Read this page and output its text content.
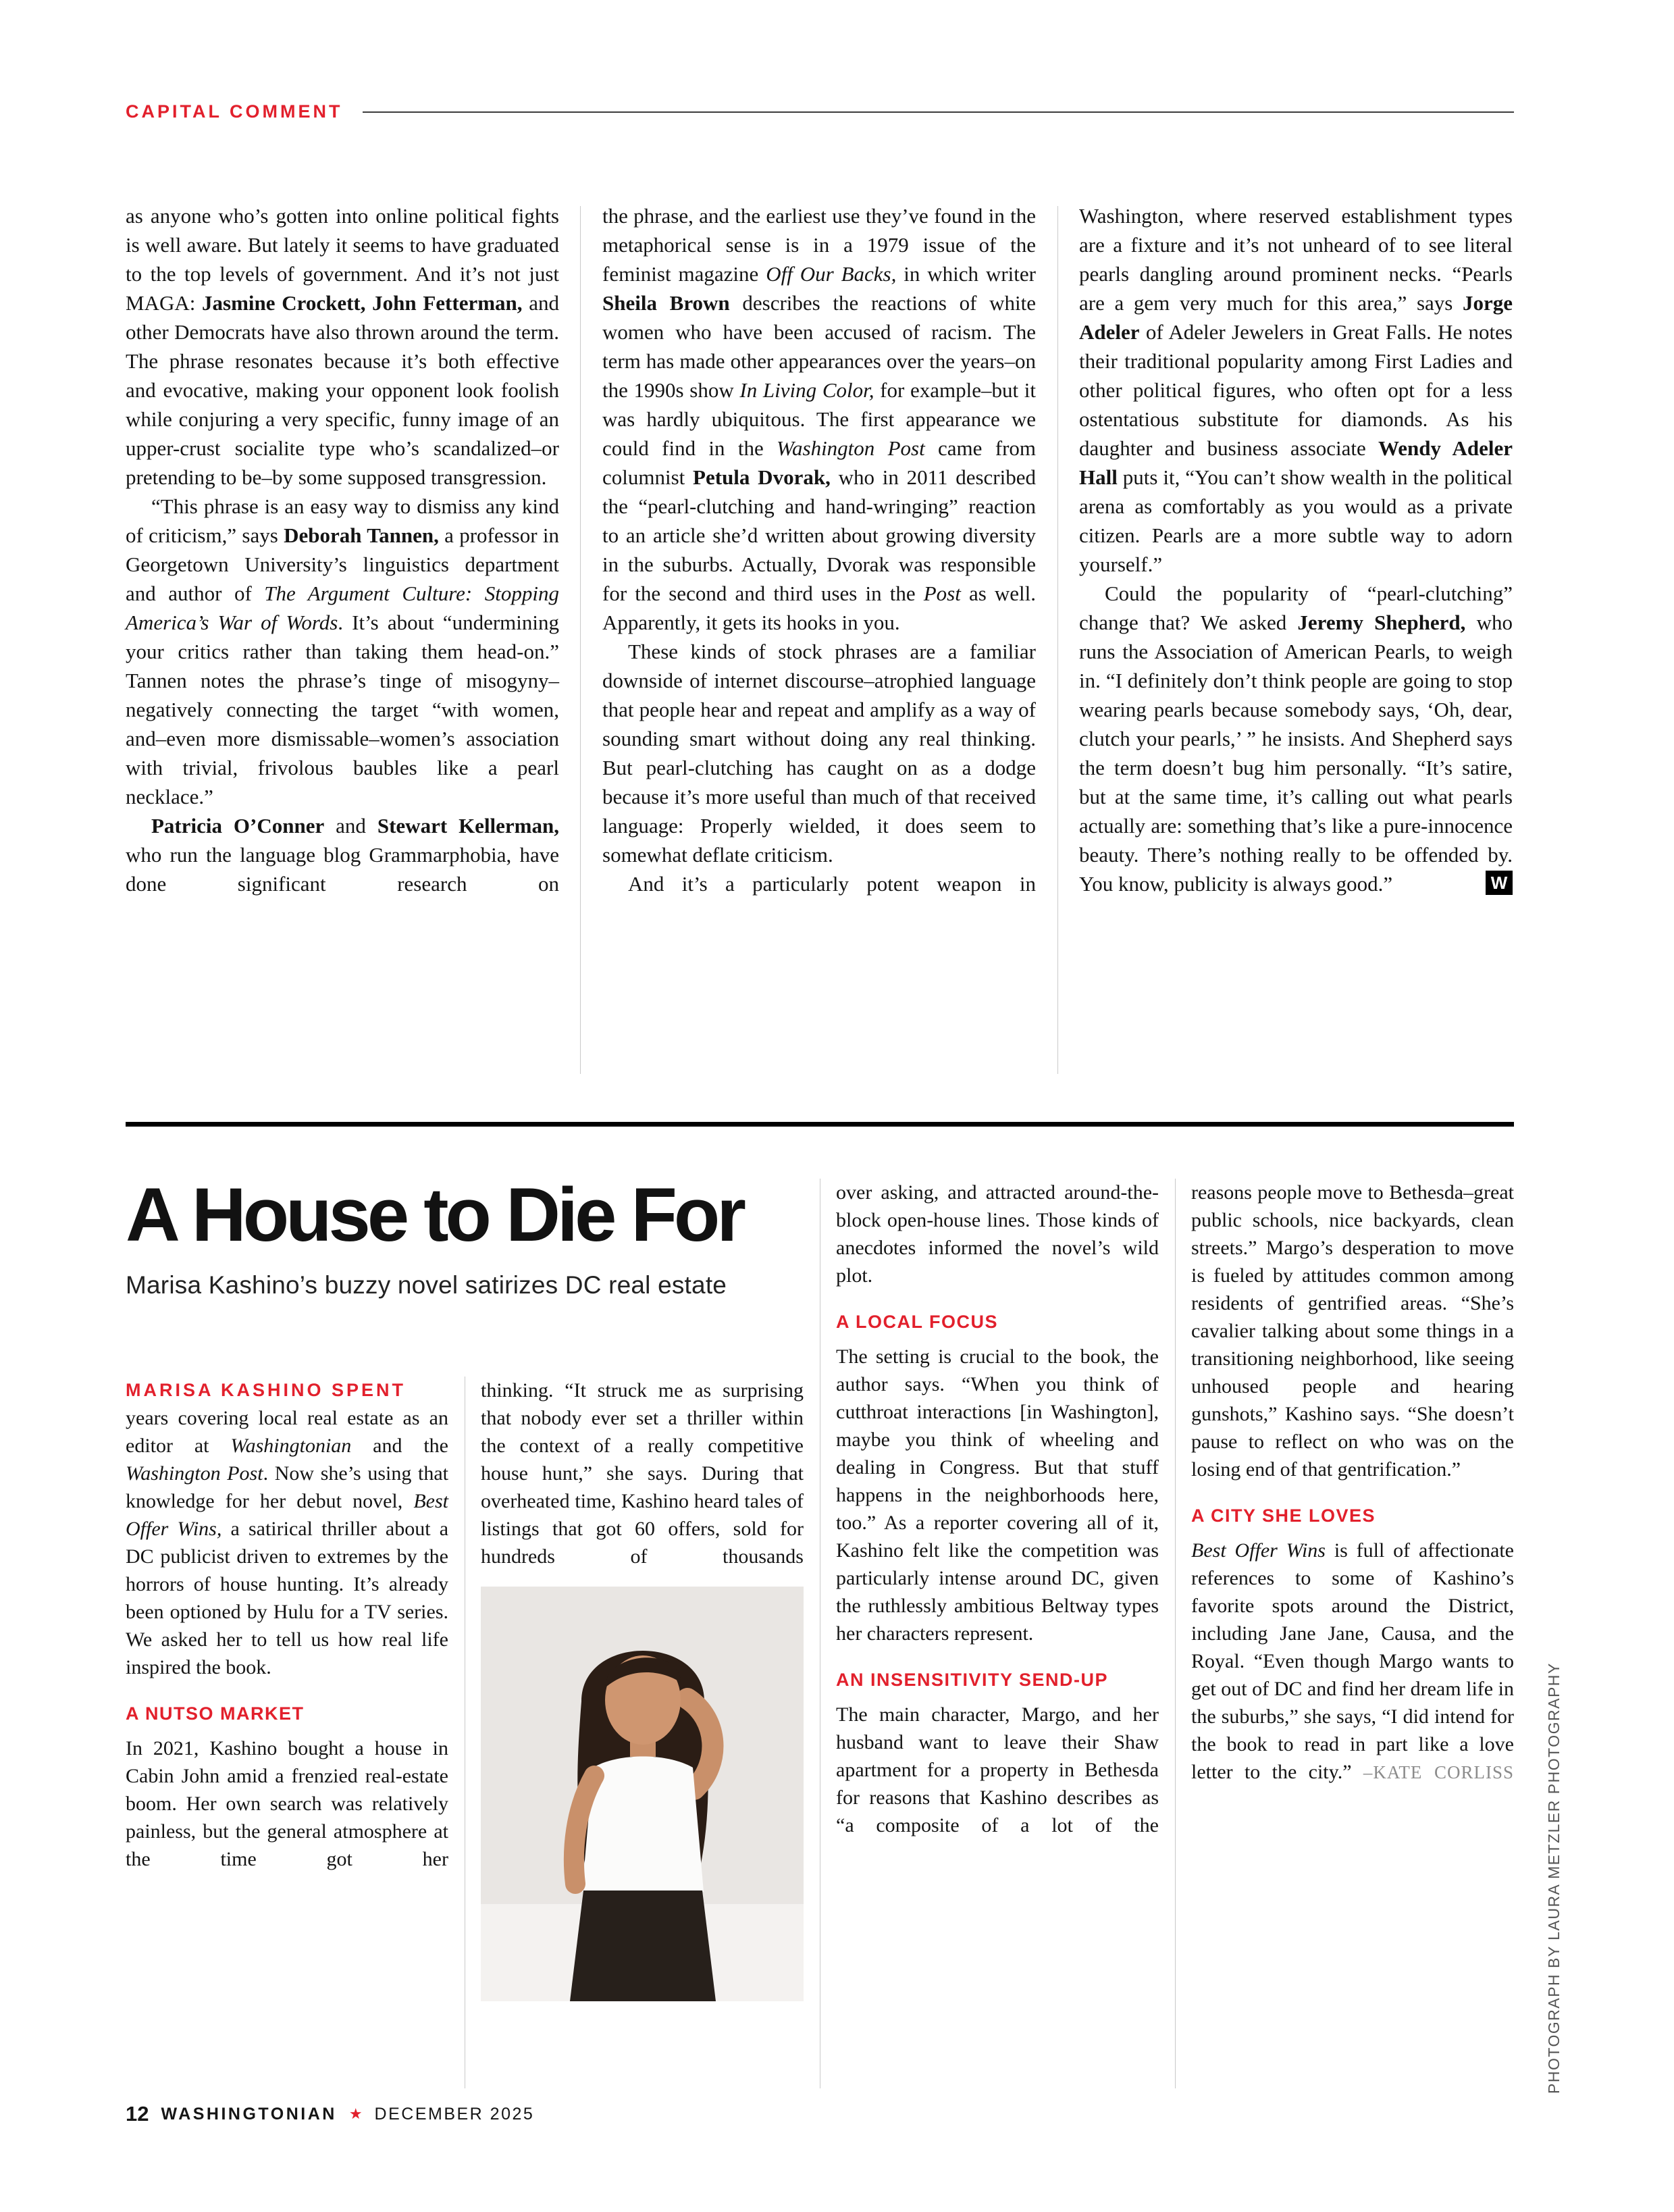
CAPITAL COMMENT

as anyone who’s gotten into online political fights is well aware. But lately it seems to have graduated to the top levels of government. And it’s not just MAGA: Jasmine Crockett, John Fetterman, and other Democrats have also thrown around the term. The phrase resonates because it’s both effective and evocative, making your opponent look foolish while conjuring a very specific, funny image of an upper-crust socialite type who’s scandalized–or pretending to be–by some supposed transgression.

“This phrase is an easy way to dismiss any kind of criticism,” says Deborah Tannen, a professor in Georgetown University’s linguistics department and author of The Argument Culture: Stopping America’s War of Words. It’s about “undermining your critics rather than taking them head-on.” Tannen notes the phrase’s tinge of misogyny–negatively connecting the target “with women, and–even more dismissable–women’s association with trivial, frivolous baubles like a pearl necklace.”

Patricia O’Conner and Stewart Kellerman, who run the language blog Grammarphobia, have done significant research on

the phrase, and the earliest use they’ve found in the metaphorical sense is in a 1979 issue of the feminist magazine Off Our Backs, in which writer Sheila Brown describes the reactions of white women who have been accused of racism. The term has made other appearances over the years–on the 1990s show In Living Color, for example–but it was hardly ubiquitous. The first appearance we could find in the Washington Post came from columnist Petula Dvorak, who in 2011 described the “pearl-clutching and hand-wringing” reaction to an article she’d written about growing diversity in the suburbs. Actually, Dvorak was responsible for the second and third uses in the Post as well. Apparently, it gets its hooks in you.

These kinds of stock phrases are a familiar downside of internet discourse–atrophied language that people hear and repeat and amplify as a way of sounding smart without doing any real thinking. But pearl-clutching has caught on as a dodge because it’s more useful than much of that received language: Properly wielded, it does seem to somewhat deflate criticism.

And it’s a particularly potent weapon in

Washington, where reserved establishment types are a fixture and it’s not unheard of to see literal pearls dangling around prominent necks. “Pearls are a gem very much for this area,” says Jorge Adeler of Adeler Jewelers in Great Falls. He notes their traditional popularity among First Ladies and other political figures, who often opt for a less ostentatious substitute for diamonds. As his daughter and business associate Wendy Adeler Hall puts it, “You can’t show wealth in the political arena as comfortably as you would as a private citizen. Pearls are a more subtle way to adorn yourself.”

Could the popularity of “pearl-clutching” change that? We asked Jeremy Shepherd, who runs the Association of American Pearls, to weigh in. “I definitely don’t think people are going to stop wearing pearls because somebody says, ‘Oh, dear, clutch your pearls,’ ” he insists. And Shepherd says the term doesn’t bug him personally. “It’s satire, but at the same time, it’s calling out what pearls actually are: something that’s like a pure-innocence beauty. There’s nothing really to be offended by. You know, publicity is always good.”	W
A House to Die For

Marisa Kashino’s buzzy novel satirizes DC real estate

MARISA KASHINO SPENT
years covering local real estate as an editor at Washingtonian and the Washington Post. Now she’s using that knowledge for her debut novel, Best Offer Wins, a satirical thriller about a DC publicist driven to extremes by the horrors of house hunting. It’s already been optioned by Hulu for a TV series. We asked her to tell us how real life inspired the book.

A NUTSO MARKET

In 2021, Kashino bought a house in Cabin John amid a frenzied real-estate boom. Her own search was relatively painless, but the general atmosphere at the time got her

thinking. “It struck me as surprising that nobody ever set a thriller within the context of a really competitive house hunt,” she says. During that overheated time, Kashino heard tales of listings that got 60 offers, sold for hundreds of thousands

over asking, and attracted around-the-block open-house lines. Those kinds of anecdotes informed the novel’s wild plot.

A LOCAL FOCUS

The setting is crucial to the book, the author says. “When you think of cutthroat interactions [in Washington], maybe you think of wheeling and dealing in Congress. But that stuff happens in the neighborhoods here, too.” As a reporter covering all of it, Kashino felt like the competition was particularly intense around DC, given the ruthlessly ambitious Beltway types her characters represent.

AN INSENSITIVITY SEND-UP

The main character, Margo, and her husband want to leave their Shaw apartment for a property in Bethesda for reasons that Kashino describes as “a composite of a lot of the

reasons people move to Bethesda–great public schools, nice backyards, clean streets.” Margo’s desperation to move is fueled by attitudes common among residents of gentrified areas. “She’s cavalier talking about some things in a transitioning neighborhood, like seeing unhoused people and hearing gunshots,” Kashino says. “She doesn’t pause to reflect on who was on the losing end of that gentrification.”

A CITY SHE LOVES

Best Offer Wins is full of affectionate references to some of Kashino’s favorite spots around the District, including Jane Jane, Causa, and the Royal. “Even though Margo wants to get out of DC and find her dream life in the suburbs,” she says, “I did intend for the book to read in part like a love letter to the city.” –KATE CORLISS PHOTOGRAPH BY LAURA METZLER PHOTOGRAPHY
12 WASHINGTONIAN ★ DECEMBER 2025
